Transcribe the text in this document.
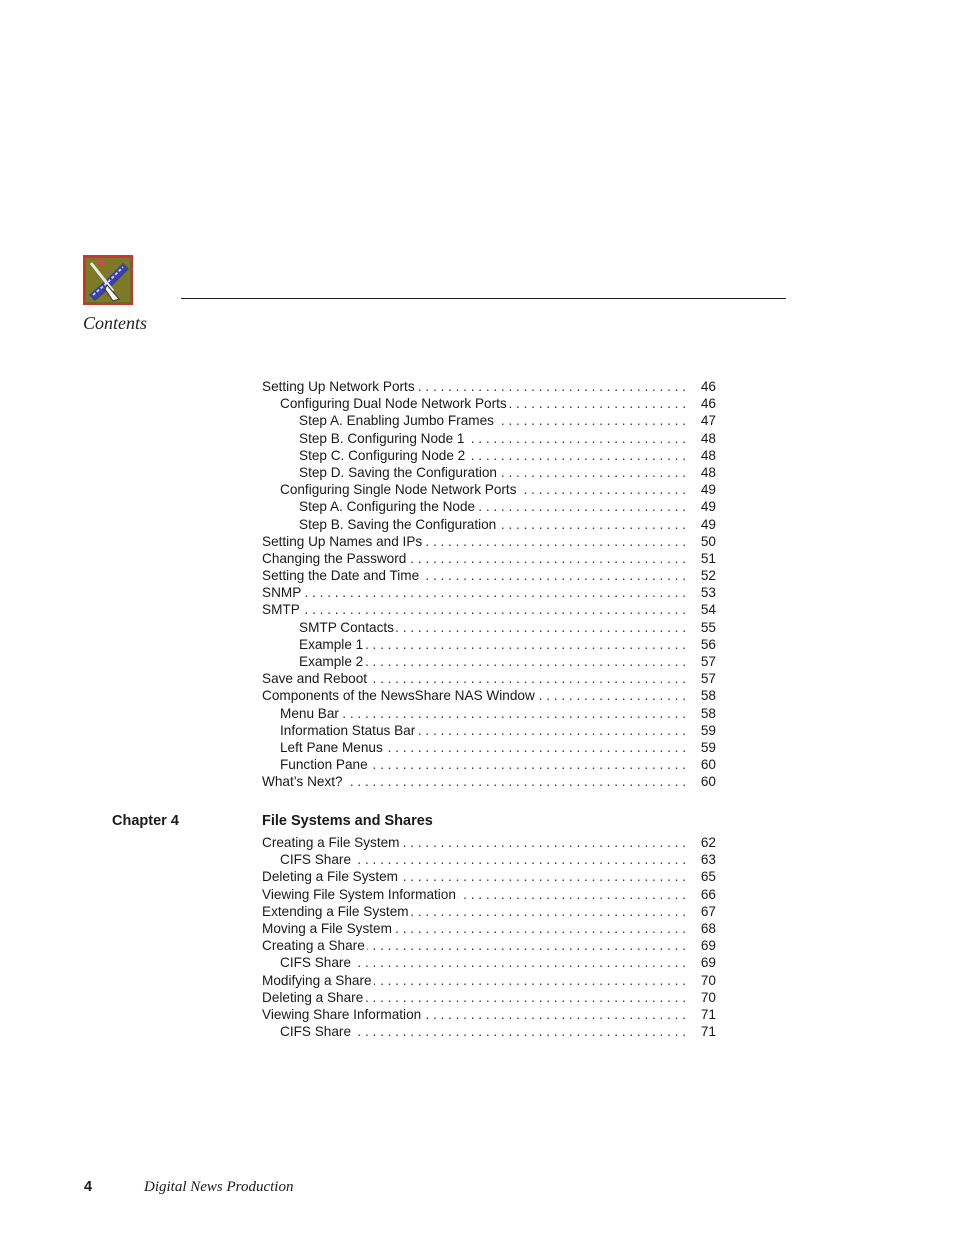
Contents
Setting Up Network Ports . . .	46
Configuring Dual Node Network Ports . . .	46
Step A. Enabling Jumbo Frames . . .	47
Step B. Configuring Node 1 . . .	48
Step C. Configuring Node 2 . . .	48
Step D. Saving the Configuration . . .	48
Configuring Single Node Network Ports . . .	49
Step A. Configuring the Node . . .	49
Step B. Saving the Configuration . . .	49
Setting Up Names and IPs . . .	50
Changing the Password . . .	51
Setting the Date and Time . . .	52
SNMP . . .	53
SMTP . . .	54
SMTP Contacts . . .	55
Example 1 . . .	56
Example 2 . . .	57
Save and Reboot . . .	57
Components of the NewsShare NAS Window . . .	58
Menu Bar . . .	58
Information Status Bar . . .	59
Left Pane Menus . . .	59
Function Pane . . .	60
What’s Next? . . .	60
Chapter 4	File Systems and Shares
Creating a File System . . .	62
CIFS Share . . .	63
Deleting a File System . . .	65
Viewing File System Information . . .	66
Extending a File System . . .	67
Moving a File System . . .	68
Creating a Share . . .	69
CIFS Share . . .	69
Modifying a Share . . .	70
Deleting a Share . . .	70
Viewing Share Information . . .	71
CIFS Share . . .	71
4	Digital News Production
